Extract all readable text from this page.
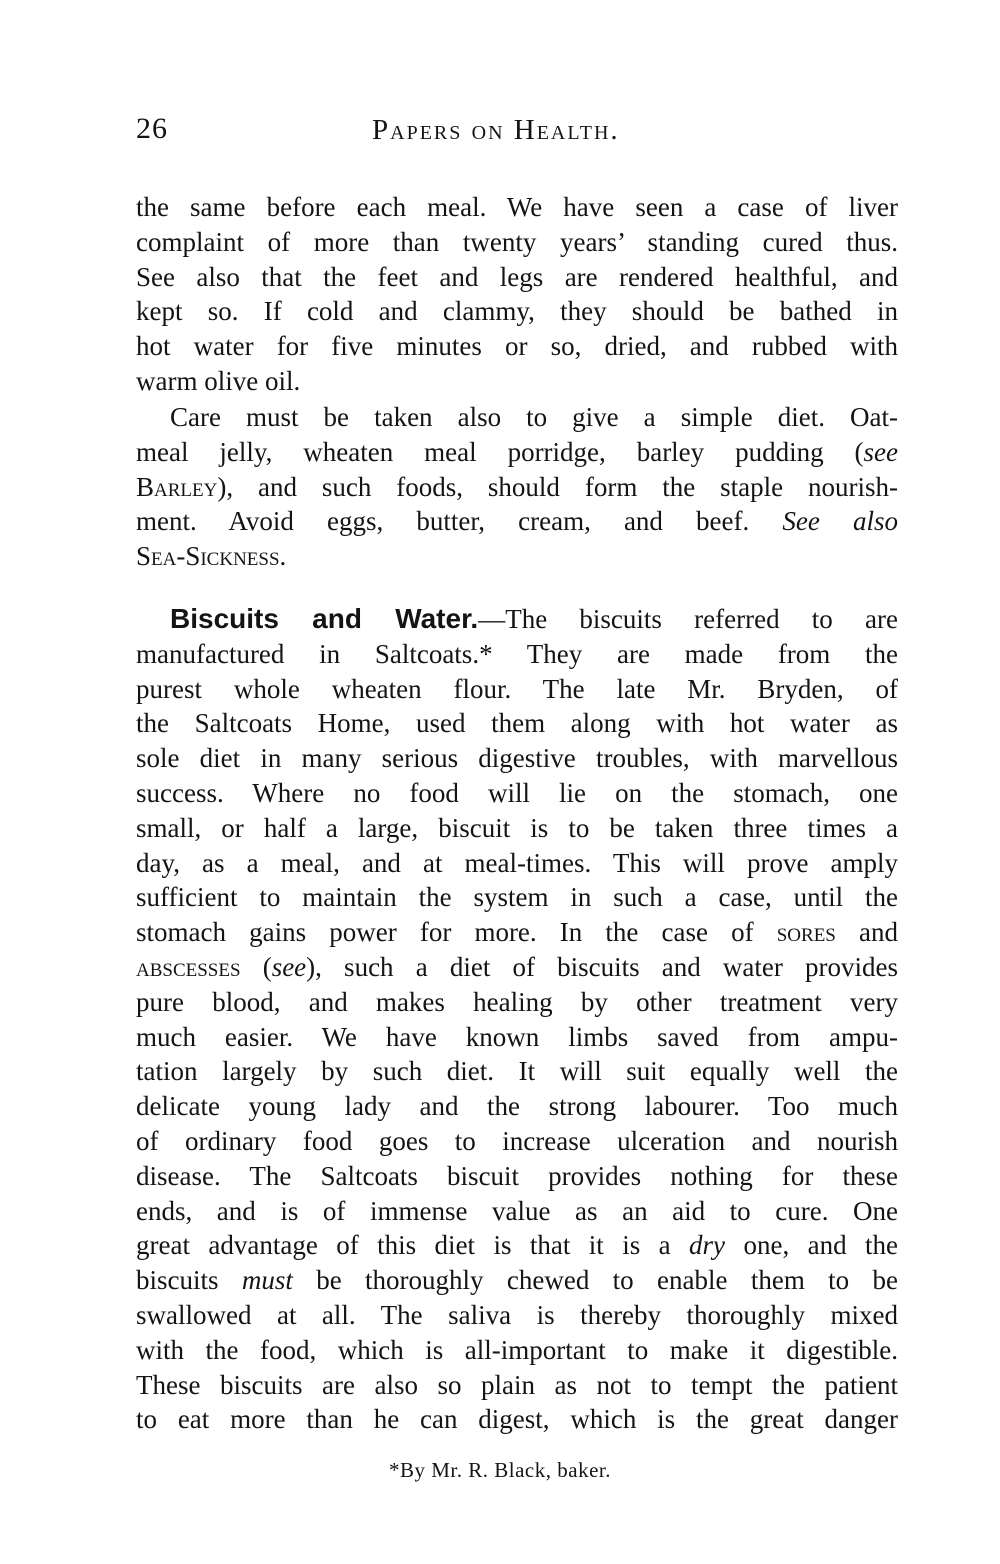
26	Papers on Health.
the same before each meal. We have seen a case of liver
complaint of more than twenty years’ standing cured thus.
See also that the feet and legs are rendered healthful, and
kept so. If cold and clammy, they should be bathed in
hot water for five minutes or so, dried, and rubbed with
warm olive oil.
Care must be taken also to give a simple diet. Oat-
meal jelly, wheaten meal porridge, barley pudding (see
Barley), and such foods, should form the staple nourish-
ment. Avoid eggs, butter, cream, and beef. See also
Sea-Sickness.
Biscuits and Water.—The biscuits referred to are
manufactured in Saltcoats.* They are made from the
purest whole wheaten flour. The late Mr. Bryden, of
the Saltcoats Home, used them along with hot water as
sole diet in many serious digestive troubles, with marvellous
success. Where no food will lie on the stomach, one
small, or half a large, biscuit is to be taken three times a
day, as a meal, and at meal-times. This will prove amply
sufficient to maintain the system in such a case, until the
stomach gains power for more. In the case of sores and
abscesses (see), such a diet of biscuits and water provides
pure blood, and makes healing by other treatment very
much easier. We have known limbs saved from ampu-
tation largely by such diet. It will suit equally well the
delicate young lady and the strong labourer. Too much
of ordinary food goes to increase ulceration and nourish
disease. The Saltcoats biscuit provides nothing for these
ends, and is of immense value as an aid to cure. One
great advantage of this diet is that it is a dry one, and the
biscuits must be thoroughly chewed to enable them to be
swallowed at all. The saliva is thereby thoroughly mixed
with the food, which is all-important to make it digestible.
These biscuits are also so plain as not to tempt the patient
to eat more than he can digest, which is the great danger
*By Mr. R. Black, baker.
